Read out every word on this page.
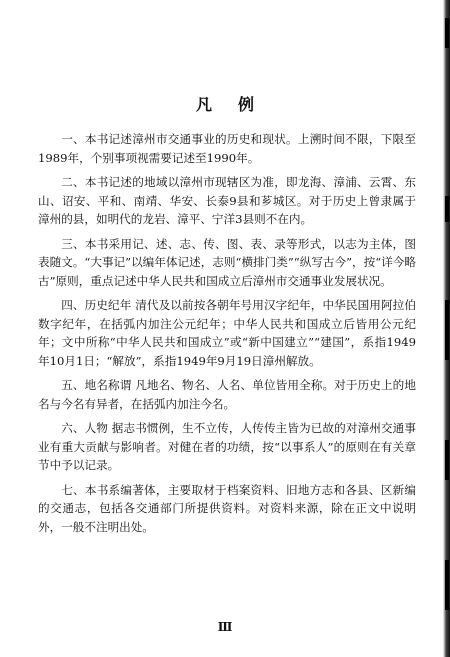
凡例

一、本书记述漳州市交通事业的历史和现状。上溯时间不限，下限至1989年，个别事项视需要记述至1990年。

二、本书记述的地域以漳州市现辖区为准，即龙海、漳浦、云霄、东山、诏安、平和、南靖、华安、长泰9县和芗城区。对于历史上曾隶属于漳州的县，如明代的龙岩、漳平、宁洋3县则不在内。

三、本书采用记、述、志、传、图、表、录等形式，以志为主体，图表随文。“大事记”以编年体记述，志则“横排门类”“纵写古今”，按“详今略古”原则，重点记述中华人民共和国成立后漳州市交通事业发展状况。

四、历史纪年 清代及以前按各朝年号用汉字纪年，中华民国用阿拉伯数字纪年，在括弧内加注公元纪年；中华人民共和国成立后皆用公元纪年；文中所称“中华人民共和国成立”或“新中国建立”“建国”，系指1949年10月1日；“解放”，系指1949年9月19日漳州解放。

五、地名称谓 凡地名、物名、人名、单位皆用全称。对于历史上的地名与今名有异者，在括弧内加注今名。

六、人物 据志书惯例，生不立传，人传传主皆为已故的对漳州交通事业有重大贡献与影响者。对健在者的功绩，按“以事系人”的原则在有关章节中予以记录。

七、本书系编著体，主要取材于档案资料、旧地方志和各县、区新编的交通志，包括各交通部门所提供资料。对资料来源，除在正文中说明外，一般不注明出处。

Ⅲ
